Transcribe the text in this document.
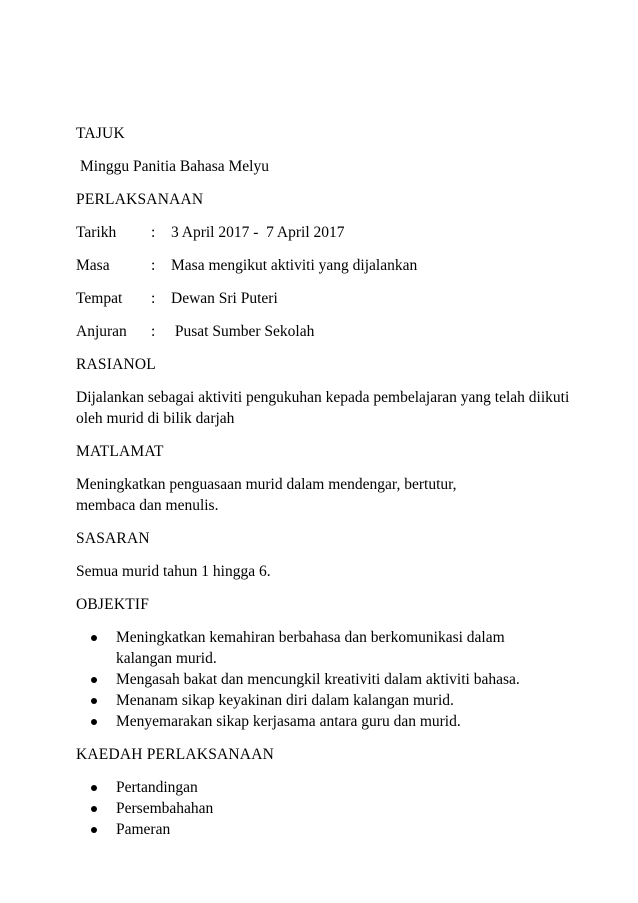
TAJUK
Minggu Panitia Bahasa Melyu
PERLAKSANAAN
Tarikh	:	3 April 2017 -  7 April 2017
Masa	:	Masa mengikut aktiviti yang dijalankan
Tempat	:	Dewan Sri Puteri
Anjuran	:	Pusat Sumber Sekolah
RASIANOL
Dijalankan sebagai aktiviti pengukuhan kepada pembelajaran yang telah diikuti  oleh murid di bilik darjah
MATLAMAT
Meningkatkan penguasaan murid dalam mendengar, bertutur, membaca dan menulis.
SASARAN
Semua murid tahun 1 hingga 6.
OBJEKTIF
Meningkatkan kemahiran berbahasa dan berkomunikasi dalam kalangan murid.
Mengasah bakat dan mencungkil kreativiti dalam aktiviti bahasa.
Menanam sikap keyakinan diri dalam kalangan murid.
Menyemarakan sikap kerjasama antara guru dan murid.
KAEDAH PERLAKSANAAN
Pertandingan
Persembahahan
Pameran
